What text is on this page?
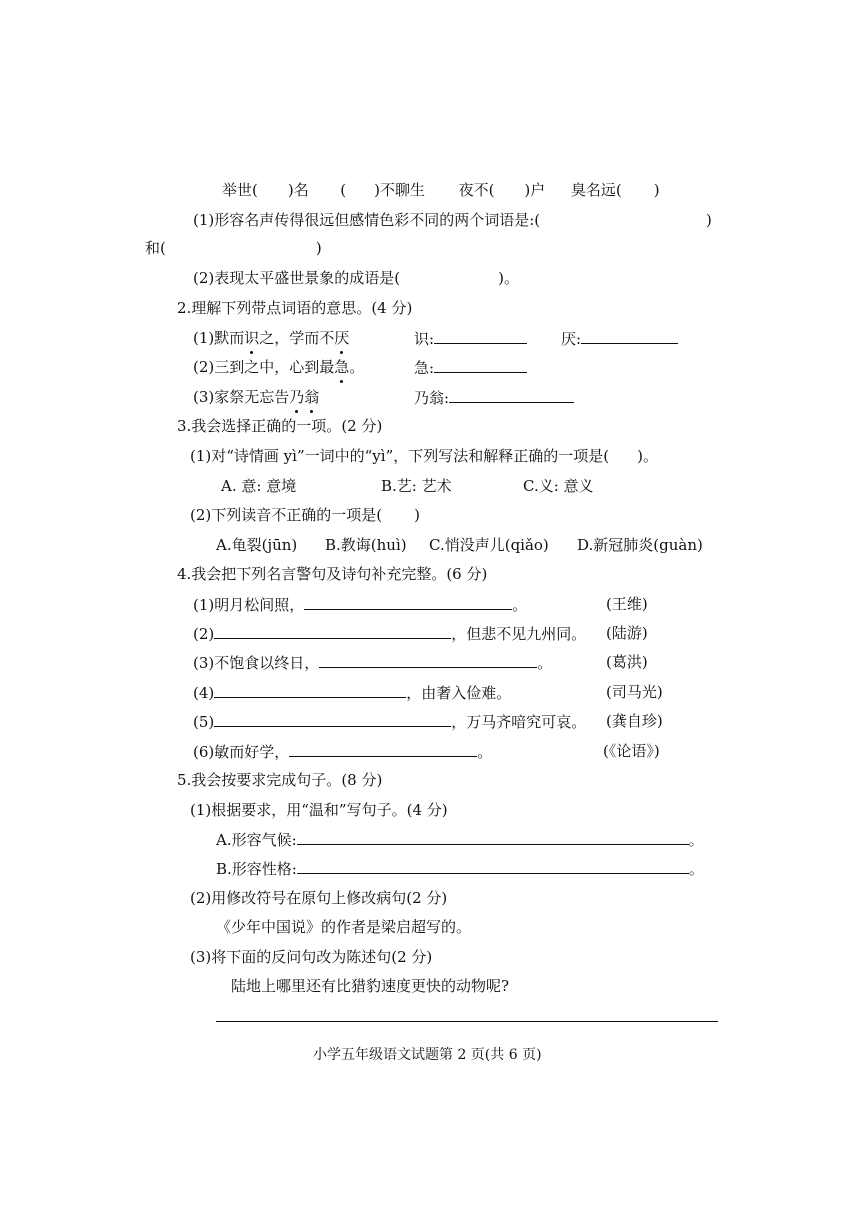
举世( )名 ( )不聊生 夜不( )户 臭名远( )
(1)形容名声传得很远但感情色彩不同的两个词语是:(	)
和(	)
(2)表现太平盛世景象的成语是(	)。
2.理解下列带点词语的意思。(4 分)
(1)默而识之，学而不厌	识:	厌:
(2)三到之中，心到最急。	急:
(3)家祭无忘告乃翁	乃翁:
3.我会选择正确的一项。(2 分)
(1)对“诗情画 yì”一词中的“yì”，下列写法和解释正确的一项是( )。
A. 意: 意境	B.艺: 艺术	C.义: 意义
(2)下列读音不正确的一项是( )
A.龟裂(jūn) B.教诲(huì) C.悄没声儿(qiǎo) D.新冠肺炎(guàn)
4.我会把下列名言警句及诗句补充完整。(6 分)
(1)明月松间照，	。	(王维)
(2)	，但悲不见九州同。 (陆游)
(3)不饱食以终日，	。	(葛洪)
(4)	，由奢入俭难。	(司马光)
(5)	，万马齐喑究可哀。 (龚自珍)
(6)敏而好学，	。	(《论语》)
5.我会按要求完成句子。(8 分)
(1)根据要求，用“温和”写句子。(4 分)
A.形容气候:	。
B.形容性格:	。
(2)用修改符号在原句上修改病句(2 分)
《少年中国说》的作者是梁启超写的。
(3)将下面的反问句改为陈述句(2 分)
陆地上哪里还有比猎豹速度更快的动物呢?
小学五年级语文试题第 2 页(共 6 页)
